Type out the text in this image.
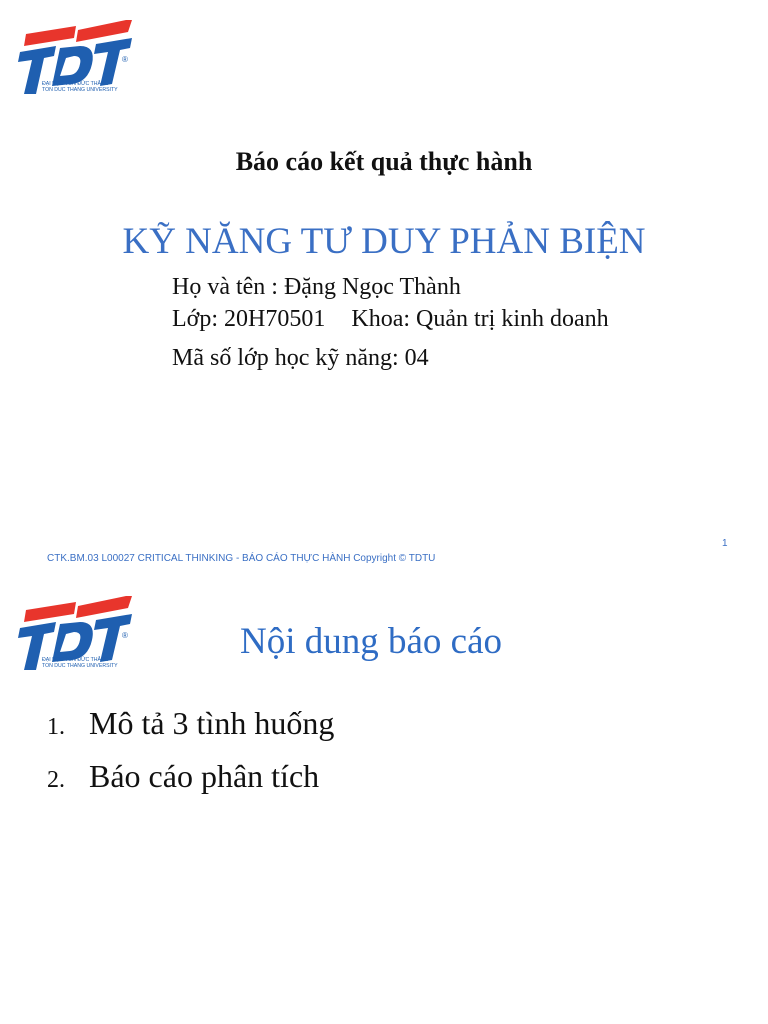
®
ĐẠI HỌC TÔN ĐỨC THẮNG
TON DUC THANG UNIVERSITY
Báo cáo kết quả thực hành
KỸ NĂNG TƯ DUY PHẢN BIỆN
Họ và tên : Đặng Ngọc Thành
Lớp: 20H70501 Khoa: Quản trị kinh doanh
Mã số lớp học kỹ năng: 04
CTK.BM.03 L00027 CRITICAL THINKING - BÁO CÁO THỰC HÀNH Copyright © TDTU
1
®
ĐẠI HỌC TÔN ĐỨC THẮNG
TON DUC THANG UNIVERSITY
Nội dung báo cáo
1. Mô tả 3 tình huống
2. Báo cáo phân tích
